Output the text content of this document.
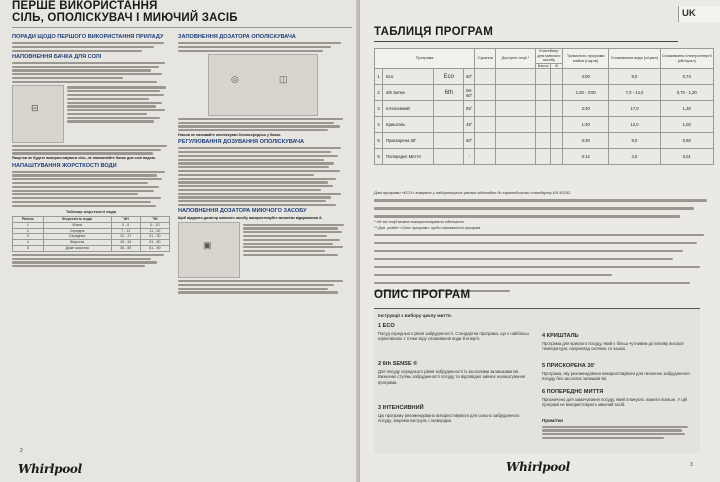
ПЕРШЕ ВИКОРИСТАННЯ
СІЛЬ, ОПОЛІСКУВАЧ І МИЮЧИЙ ЗАСІБ
ПОРАДИ ЩОДО ПЕРШОГО ВИКОРИСТАННЯ ПРИЛАДУ
НАПОВНЕННЯ БАЧКА ДЛЯ СОЛІ
⊟

Якщо ви не будете використовувати сіль, не наповнюйте бачок для солі водою.

НАПАШТУВАННЯ ЖОРСТКОСТІ ВОДИ
Таблиця жорсткості води
Рівень	Жорсткість води	°dH	°fH
1	М'яка	0 - 6	0 - 10
2	Середня	7 - 11	11 - 20
3	Середньо	12 - 17	21 - 30
4	Жорстка	18 - 34	31 - 60
5	Дуже жорстка	35 - 50	61 - 90
ЗАПОВНЕННЯ ДОЗАТОРА ОПОЛІСКУВАЧА
◎	◫

Ніколи не наливайте ополіскувач безпосередньо у бачок.

РЕГУЛЮВАННЯ ДОЗУВАННЯ ОПОЛІСКУВАЧА
НАПОВНЕННЯ ДОЗАТОРА МИЮЧОГО ЗАСОБУ

Щоб відкрити дозатор миючого засобу використовуйте механізм відкривання A.

▣
2
Whirlpool
UK
ТАБЛИЦЯ ПРОГРАМ
Програма				Сушіння	Доступні опції *	Контейнер для миючого засобу		Тривалість програми мийки (год:хв)	Споживання води (л/цикл)	Споживання електроенергії (кВт/цикл)
						Бачок	B			
1	Eco	Eco	50°					4:00	9,0	0,74
2	6th Sense	6th	50-60°					1:20 - 3:00	7,0 - 14,0	0,70 - 1,20
3	Інтенсивний		65°					2:40	17,0	1,30
4	Кришталь		45°					1:40	12,0	1,00
5	Прискорена 30'		50°					0:30	9,0	0,50
6	Попереднє Миття		-					0:12	4,0	0,01
Дані програми «ECO» виміряно у лабораторних умовах відповідно до європейського стандарту EN 50242.
* Не всі опції можна використовувати одночасно.
** Див. розділ «Опис програм» щодо тривалості програм.
ОПИС ПРОГРАМ
Інструкції з вибору циклу миття.
1 ECO
Посуд середнього рівня забрудненості. Стандартна програма, що є найбільш ефективною з точки зору споживання води й енергії.
2 6th SENSE ®
Для посуду середнього рівня забрудненості із засохлими залишками їжі. Визначає ступінь забрудненості посуду та відповідно змінює налаштування програми.
3 ІНТЕНСИВНИЙ
Цю програму рекомендовано використовувати для сильно забрудненого посуду, зокрема каструль і сковорідок.
4 КРИШТАЛЬ
Програма для крихкого посуду, який є більш чутливим до впливу високої температури, наприклад скляних та чашок.
5 ПРИСКОРЕНА 30'
Програма, яку рекомендовано використовувати для незначно забрудненого посуду без засохлих залишків їжі.
6 ПОПЕРЕДНЄ МИТТЯ
Призначено для замочування посуду, який планують помити пізніше. У цій програмі не використовують миючий засіб.
Примітки
Whirlpool	3
